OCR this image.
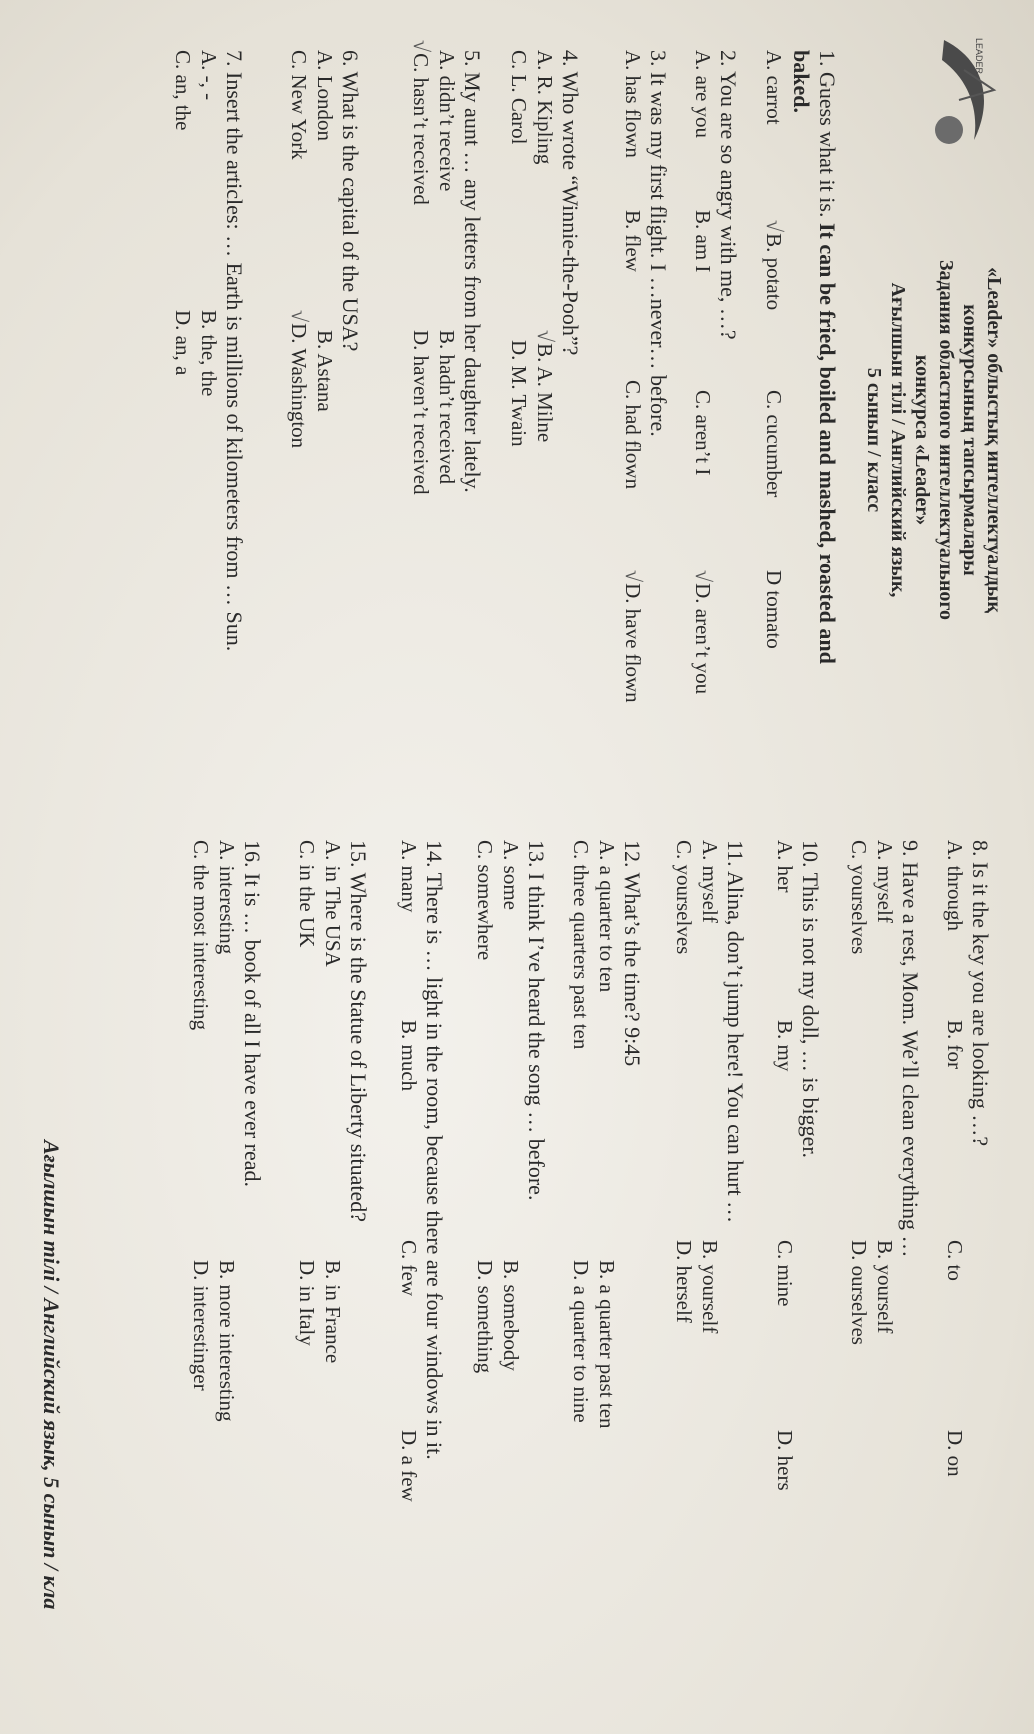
LEADER
«Leader» облыстық интеллектуалдық
конкурсының тапсырмалары
Задания областного интеллектуального
конкурса «Leader»
Ағылшын тілі / Английский язык,
5 сынып / класс
1. Guess what it is. It can be fried, boiled and mashed, roasted and
baked.
A. carrot
√B. potato
C. cucumber
D tomato
2. You are so angry with me, …?
A. are you
B. am I
C. aren’t I
√D. aren’t you
3. It was my first flight. I …never… before.
A. has flown
B. flew
C. had flown
√D. have flown
4. Who wrote “Winnie-the-Pooh”?
A. R. Kipling
√B. A. Milne
C. L. Carol
D. M. Twain
5. My aunt … any letters from her daughter lately.
A. didn’t receive
B. hadn’t received
√C. hasn’t received
D. haven’t received
6. What is the capital of the USA?
A. London
B. Astana
C. New York
√D. Washington
7. Insert the articles: … Earth is millions of kilometers from … Sun.
A. -, -
B. the, the
C. an, the
D. an, a
8. Is it the key you are looking …?
A. through
B. for
C. to
D. on
9. Have a rest, Mom. We’ll clean everything …
A. myself
B. yourself
C. yourselves
D. ourselves
10. This is not my doll, … is bigger.
A. her
B. my
C. mine
D. hers
11. Alina, don’t jump here! You can hurt …
A. myself
B. yourself
C. yourselves
D. herself
12. What’s the time? 9:45
A. a quarter to ten
B. a quarter past ten
C. three quarters past ten
D. a quarter to nine
13. I think I’ve heard the song … before.
A. some
B. somebody
C. somewhere
D. something
14. There is … light in the room, because there are four windows in it.
A. many
B. much
C. few
D. a few
15. Where is the Statue of Liberty situated?
A. in The USA
B. in France
C. in the UK
D. in Italy
16. It is … book of all I have ever read.
A. interesting
B. more interesting
C. the most interesting
D. interestinger
Ағылшын тілі / Английский язык, 5 сынып / кла
